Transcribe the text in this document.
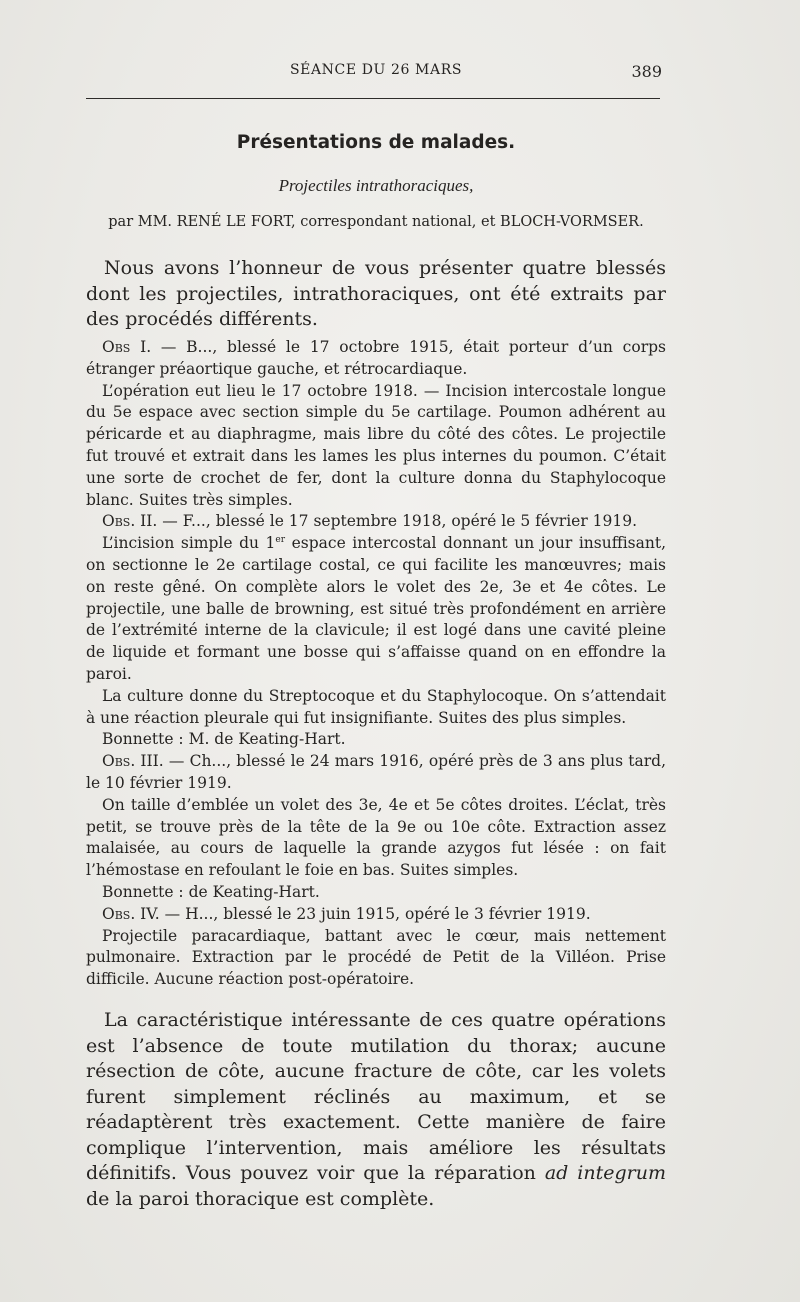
SÉANCE DU 26 MARS	389
Présentations de malades.
Projectiles intrathoraciques,
par MM. RENÉ LE FORT, correspondant national, et BLOCH-VORMSER.

Nous avons l’honneur de vous présenter quatre blessés dont les projectiles, intrathoraciques, ont été extraits par des procédés différents.

Obs I. — B..., blessé le 17 octobre 1915, était porteur d’un corps étranger préaortique gauche, et rétrocardiaque.

L’opération eut lieu le 17 octobre 1918. — Incision intercostale longue du 5e espace avec section simple du 5e cartilage. Poumon adhérent au péricarde et au diaphragme, mais libre du côté des côtes. Le projectile fut trouvé et extrait dans les lames les plus internes du poumon. C’était une sorte de crochet de fer, dont la culture donna du Staphylocoque blanc. Suites très simples.

Obs. II. — F..., blessé le 17 septembre 1918, opéré le 5 février 1919.

L’incision simple du 1er espace intercostal donnant un jour insuffisant, on sectionne le 2e cartilage costal, ce qui facilite les manœuvres; mais on reste gêné. On complète alors le volet des 2e, 3e et 4e côtes. Le projectile, une balle de browning, est situé très profondément en arrière de l’extrémité interne de la clavicule; il est logé dans une cavité pleine de liquide et formant une bosse qui s’affaisse quand on en effondre la paroi.

La culture donne du Streptocoque et du Staphylocoque. On s’attendait à une réaction pleurale qui fut insignifiante. Suites des plus simples.

Bonnette : M. de Keating-Hart.

Obs. III. — Ch..., blessé le 24 mars 1916, opéré près de 3 ans plus tard, le 10 février 1919.

On taille d’emblée un volet des 3e, 4e et 5e côtes droites. L’éclat, très petit, se trouve près de la tête de la 9e ou 10e côte. Extraction assez malaisée, au cours de laquelle la grande azygos fut lésée : on fait l’hémostase en refoulant le foie en bas. Suites simples.

Bonnette : de Keating-Hart.

Obs. IV. — H..., blessé le 23 juin 1915, opéré le 3 février 1919.

Projectile paracardiaque, battant avec le cœur, mais nettement pulmonaire. Extraction par le procédé de Petit de la Villéon. Prise difficile. Aucune réaction post-opératoire.

La caractéristique intéressante de ces quatre opérations est l’absence de toute mutilation du thorax; aucune résection de côte, aucune fracture de côte, car les volets furent simplement réclinés au maximum, et se réadaptèrent très exactement. Cette manière de faire complique l’intervention, mais améliore les résultats définitifs. Vous pouvez voir que la réparation ad integrum de la paroi thoracique est complète.
